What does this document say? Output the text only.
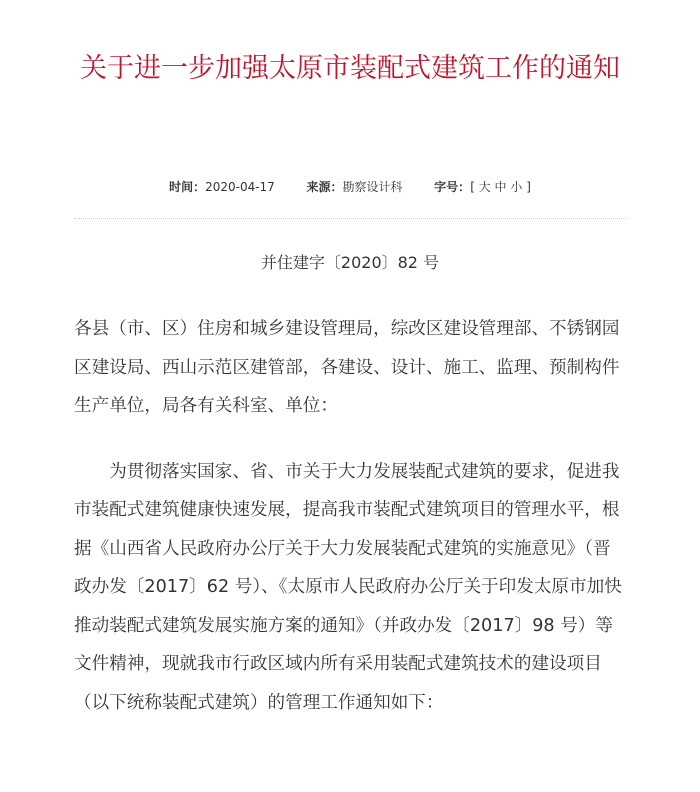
关于进一步加强太原市装配式建筑工作的通知
时间：2020-04-17	来源：勘察设计科	字号：[ 大 中 小 ]
并住建字〔2020〕82 号

各县（市、区）住房和城乡建设管理局，综改区建设管理部、不锈钢园区建设局、西山示范区建管部，各建设、设计、施工、监理、预制构件生产单位，局各有关科室、单位：

为贯彻落实国家、省、市关于大力发展装配式建筑的要求，促进我市装配式建筑健康快速发展，提高我市装配式建筑项目的管理水平，根据《山西省人民政府办公厅关于大力发展装配式建筑的实施意见》（晋政办发〔2017〕62 号）、《太原市人民政府办公厅关于印发太原市加快推动装配式建筑发展实施方案的通知》（并政办发〔2017〕98 号）等文件精神，现就我市行政区域内所有采用装配式建筑技术的建设项目（以下统称装配式建筑）的管理工作通知如下：
